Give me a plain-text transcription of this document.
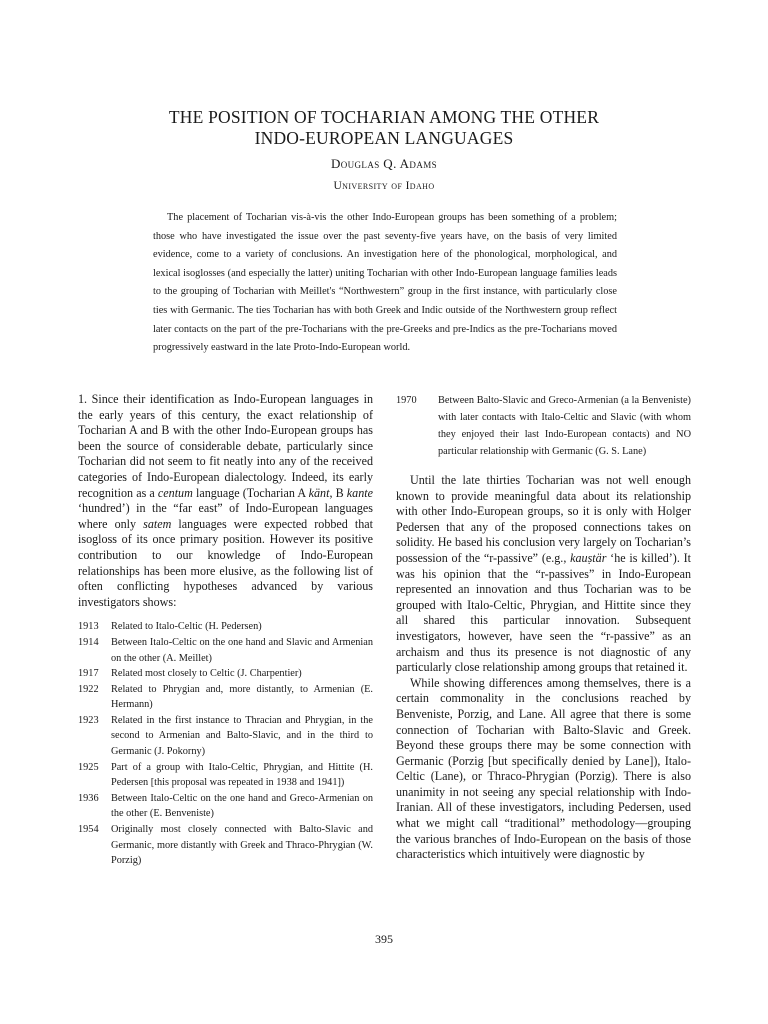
THE POSITION OF TOCHARIAN AMONG THE OTHER
INDO-EUROPEAN LANGUAGES

Douglas Q. Adams

University of Idaho

The placement of Tocharian vis-à-vis the other Indo-European groups has been something of a problem; those who have investigated the issue over the past seventy-five years have, on the basis of very limited evidence, come to a variety of conclusions. An investigation here of the phonological, morphological, and lexical isoglosses (and especially the latter) uniting Tocharian with other Indo-European language families leads to the grouping of Tocharian with Meillet's “Northwestern” group in the first instance, with particularly close ties with Germanic. The ties Tocharian has with both Greek and Indic outside of the Northwestern group reflect later contacts on the part of the pre-Tocharians with the pre-Greeks and pre-Indics as the pre-Tocharians moved progressively eastward in the late Proto-Indo-European world.

1. Since their identification as Indo-European languages in the early years of this century, the exact relationship of Tocharian A and B with the other Indo-European groups has been the source of considerable debate, particularly since Tocharian did not seem to fit neatly into any of the received categories of Indo-European dialectology. Indeed, its early recognition as a centum language (Tocharian A känt, B kante ‘hundred’) in the “far east” of Indo-European languages where only satem languages were expected robbed that isogloss of its once primary position. However its positive contribution to our knowledge of Indo-European relationships has been more elusive, as the following list of often conflicting hypotheses advanced by various investigators shows:

1913	Related to Italo-Celtic (H. Pedersen)
1914	Between Italo-Celtic on the one hand and Slavic and Armenian on the other (A. Meillet)
1917	Related most closely to Celtic (J. Charpentier)
1922	Related to Phrygian and, more distantly, to Armenian (E. Hermann)
1923	Related in the first instance to Thracian and Phrygian, in the second to Armenian and Balto-Slavic, and in the third to Germanic (J. Pokorny)
1925	Part of a group with Italo-Celtic, Phrygian, and Hittite (H. Pedersen [this proposal was repeated in 1938 and 1941])
1936	Between Italo-Celtic on the one hand and Greco-Armenian on the other (E. Benveniste)
1954	Originally most closely connected with Balto-Slavic and Germanic, more distantly with Greek and Thraco-Phrygian (W. Porzig)
1970	Between Balto-Slavic and Greco-Armenian (a la Benveniste) with later contacts with Italo-Celtic and Slavic (with whom they enjoyed their last Indo-European contacts) and NO particular relationship with Germanic (G. S. Lane)

Until the late thirties Tocharian was not well enough known to provide meaningful data about its relationship with other Indo-European groups, so it is only with Holger Pedersen that any of the proposed connections takes on solidity. He based his conclusion very largely on Tocharian’s possession of the “r-passive” (e.g., kauṣtär ‘he is killed’). It was his opinion that the “r-passives” in Indo-European represented an innovation and thus Tocharian was to be grouped with Italo-Celtic, Phrygian, and Hittite since they all shared this particular innovation. Subsequent investigators, however, have seen the “r-passive” as an archaism and thus its presence is not diagnostic of any particularly close relationship among groups that retained it.

While showing differences among themselves, there is a certain commonality in the conclusions reached by Benveniste, Porzig, and Lane. All agree that there is some connection of Tocharian with Balto-Slavic and Greek. Beyond these groups there may be some connection with Germanic (Porzig [but specifically denied by Lane]), Italo-Celtic (Lane), or Thraco-Phrygian (Porzig). There is also unanimity in not seeing any special relationship with Indo-Iranian. All of these investigators, including Pedersen, used what we might call “traditional” methodology—grouping the various branches of Indo-European on the basis of those characteristics which intuitively were diagnostic by

395
